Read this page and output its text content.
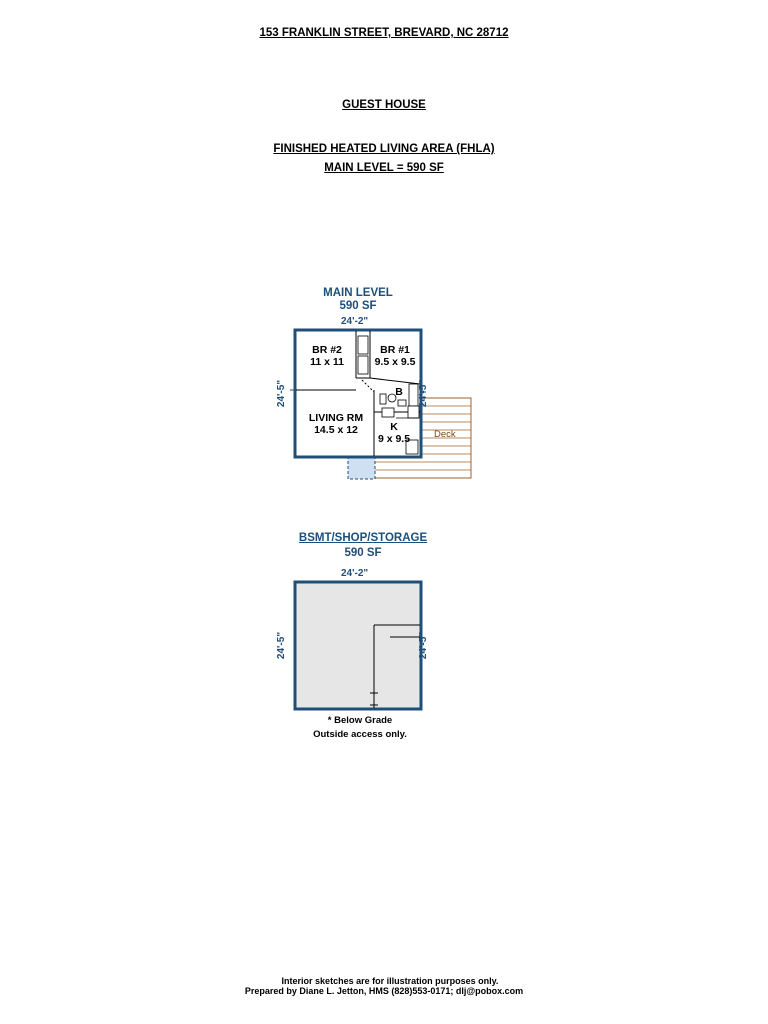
153 FRANKLIN STREET, BREVARD, NC 28712
GUEST HOUSE
FINISHED HEATED LIVING AREA (FHLA)
MAIN LEVEL = 590 SF
MAIN LEVEL
590 SF
24'-2"
24'-5"	24'-5"
BR #2
11 x 11
BR #1
9.5 x 9.5
B
LIVING RM
14.5 x 12	K
9 x 9.5	Deck
BSMT/SHOP/STORAGE
590 SF
24'-2"
24'-5"	24'-5"
* Below Grade
Outside access only.
Interior sketches are for illustration purposes only.
Prepared by Diane L. Jetton, HMS (828)553-0171; dlj@pobox.com
